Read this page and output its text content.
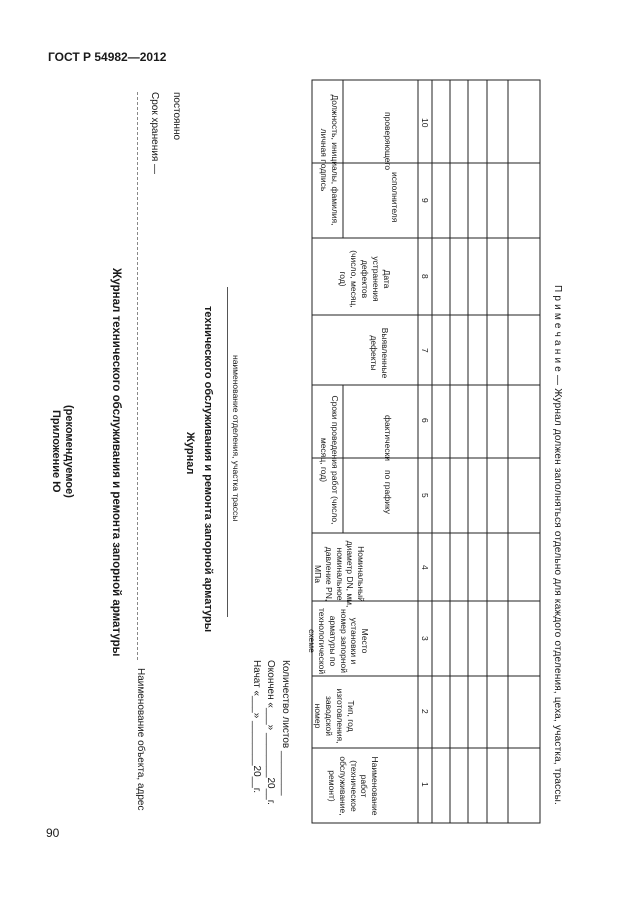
ГОСТ Р 54982—2012
90
Наименование работ (техническое обслуживание, ремонт)
Тип, год изготовления, заводской номер
Место установки и номер запорной арматуры по технологической схеме
Номинальный диаметр DN, мм, номинальное давление PN, МПа
Сроки проведения работ (число, месяц, год)
по графику
фактически
Выявленные дефекты
Дата устранения дефектов (число, месяц, год)
Должность, инициалы, фамилия, личная подпись
исполнителя
проверяющего
1
2
3
4
5
6
7
8
9
10
П р и м е ч а н и е — Журнал должен заполняться отдельно для каждого отделения, цеха, участка, трассы.
Приложение Ю (рекомендуемое)	Журнал технического обслуживания и ремонта запорной арматуры
Наименование объекта, адрес
Срок хранения — постоянно
Журнал технического обслуживания и ремонта запорной арматуры наименование отделения, участка трассы
Начат «___» ________20__г. Окончен «___» ________20__г. Количество листов ________
